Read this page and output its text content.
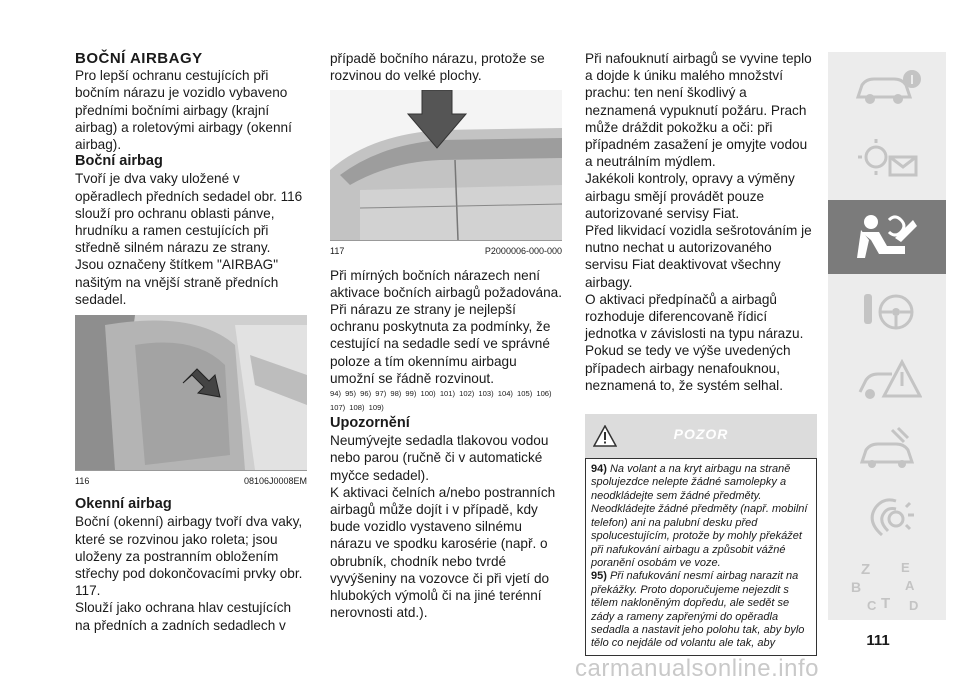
BOČNÍ AIRBAGY

Pro lepší ochranu cestujících při bočním nárazu je vozidlo vybaveno předními bočními airbagy (krajní airbag) a roletovými airbagy (okenní airbag).

Boční airbag

Tvoří je dva vaky uložené v opěradlech předních sedadel obr. 116 slouží pro ochranu oblasti pánve, hrudníku a ramen cestujících při středně silném nárazu ze strany.

Jsou označeny štítkem "AIRBAG" našitým na vnější straně předních sedadel.

116	08106J0008EM

Okenní airbag

Boční (okenní) airbagy tvoří dva vaky, které se rozvinou jako roleta; jsou uloženy za postranním obložením střechy pod dokončovacími prvky obr. 117.

Slouží jako ochrana hlav cestujících na předních a zadních sedadlech v

případě bočního nárazu, protože se rozvinou do velké plochy.

117	P2000006-000-000

Při mírných bočních nárazech není aktivace bočních airbagů požadována.

Při nárazu ze strany je nejlepší ochranu poskytnuta za podmínky, že cestující na sedadle sedí ve správné poloze a tím okennímu airbagu umožní se řádně rozvinout.

94) 95) 96) 97) 98) 99) 100) 101) 102) 103) 104) 105) 106) 107) 108) 109)

Upozornění

Neumývejte sedadla tlakovou vodou nebo parou (ručně či v automatické myčce sedadel).

K aktivaci čelních a/nebo postranních airbagů může dojít i v případě, kdy bude vozidlo vystaveno silnému nárazu ve spodku karosérie (např. o obrubník, chodník nebo tvrdé vyvýšeniny na vozovce či při vjetí do hlubokých výmolů či na jiné terénní nerovnosti atd.).

Při nafouknutí airbagů se vyvine teplo a dojde k úniku malého množství prachu: ten není škodlivý a neznamená vypuknutí požáru. Prach může dráždit pokožku a oči: při případném zasažení je omyjte vodou a neutrálním mýdlem.

Jakékoli kontroly, opravy a výměny airbagu smějí provádět pouze autorizované servisy Fiat.

Před likvidací vozidla sešrotováním je nutno nechat u autorizovaného servisu Fiat deaktivovat všechny airbagy.

O aktivaci předpínačů a airbagů rozhoduje diferencovaně řídicí jednotka v závislosti na typu nárazu. Pokud se tedy ve výše uvedených případech airbagy nenafouknou, neznamená to, že systém selhal.

POZOR

94) Na volant a na kryt airbagu na straně spolujezdce nelepte žádné samolepky a neodkládejte sem žádné předměty. Neodkládejte žádné předměty (např. mobilní telefon) ani na palubní desku před spolucestujícím, protože by mohly překážet při nafukování airbagu a způsobit vážné poranění osobám ve voze.

95) Při nafukování nesmí airbag narazit na překážky. Proto doporučujeme nejezdit s tělem nakloněným dopředu, ale sedět se zády a rameny zapřenými do opěradla sedadla a nastavit jeho polohu tak, aby bylo tělo co nejdále od volantu ale tak, aby

Z E
B	A
C T D
111
carmanualsonline.info
